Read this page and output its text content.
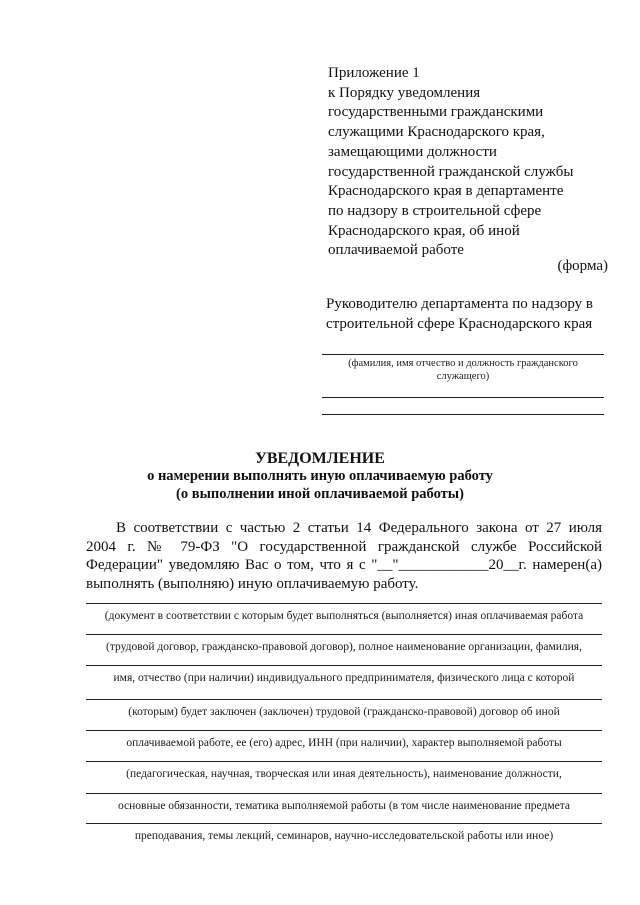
Приложение 1
к Порядку уведомления
государственными гражданскими
служащими Краснодарского края,
замещающими должности
государственной гражданской службы
Краснодарского края в департаменте
по надзору в строительной сфере
Краснодарского края, об иной
оплачиваемой работе
(форма)
Руководителю департамента по надзору в
строительной сфере Краснодарского края
(фамилия, имя отчество и должность гражданского
служащего)
УВЕДОМЛЕНИЕ
о намерении выполнять иную оплачиваемую работу
(о выполнении иной оплачиваемой работы)
В соответствии с частью 2 статьи 14 Федерального закона от 27 июля
2004 г. № 79-ФЗ "О государственной гражданской службе Российской
Федерации" уведомляю Вас о том, что я с "__"____________20__г. намерен(а)
выполнять (выполняю) иную оплачиваемую работу.
(документ в соответствии с которым будет выполняться (выполняется) иная оплачиваемая работа
(трудовой договор, гражданско-правовой договор), полное наименование организации, фамилия,
имя, отчество (при наличии) индивидуального предпринимателя, физического лица с которой
(которым) будет заключен (заключен) трудовой (гражданско-правовой) договор об иной
оплачиваемой работе, ее (его) адрес, ИНН (при наличии), характер выполняемой работы
(педагогическая, научная, творческая или иная деятельность), наименование должности,
основные обязанности, тематика выполняемой работы (в том числе наименование предмета
преподавания, темы лекций, семинаров, научно-исследовательской работы или иное)
